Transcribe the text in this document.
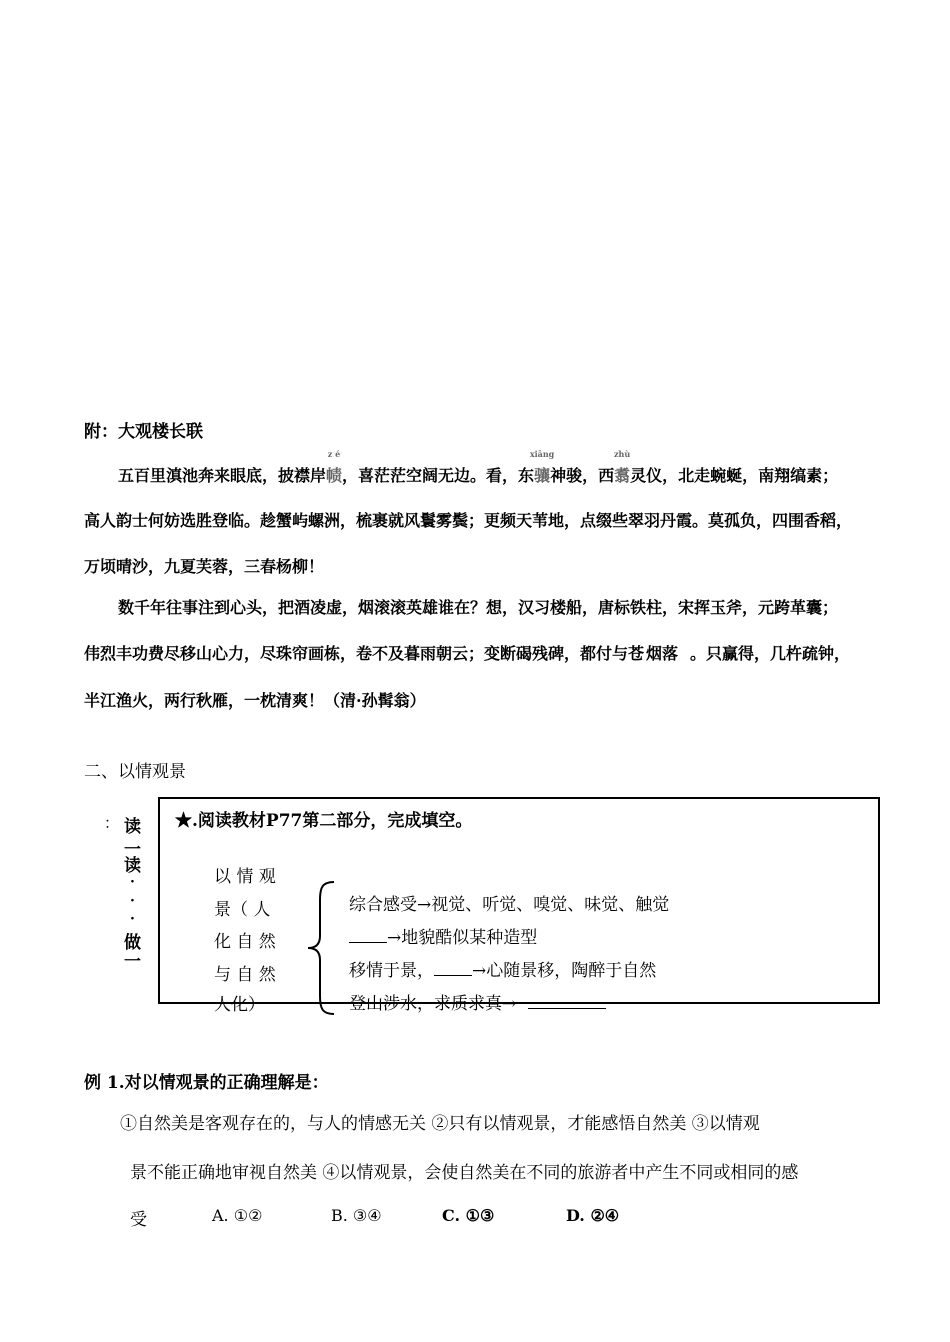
附：大观楼长联
五百里滇池奔来眼底，披襟岸
z é
帻，喜茫茫空阔无边。看，东
xiāng
骧神骏，西
zhù
翥灵仪，北走蜿蜒，南翔缟素；
高人韵士何妨选胜登临。趁蟹屿螺洲，梳裹就风鬟雾鬓；更频天苇地，点缀些翠羽丹霞。莫孤负，四围香稻，
万顷晴沙，九夏芙蓉，三春杨柳！
数千年往事注到心头，把酒凌虚，烟滚滚英雄谁在？想，汉习楼船，唐标铁柱，宋挥玉斧，元跨革囊；
伟烈丰功费尽移山心力，尽珠帘画栋，卷不及暮雨朝云；变断碣残碑，都付与苍 烟落 。只赢得，几杵疏钟，
半江渔火，两行秋雁，一枕清爽！（清·孙髯翁）
二、以情观景
： 读
一
读
·
·
·
做
一
★.阅读教材P77第二部分，完成填空。
以 情 观
景（ 人
化 自 然
与 自 然
人化）
综合感受→视觉、听觉、嗅觉、味觉、触觉
→地貌酷似某种造型
移情于景， →心随景移，陶醉于自然
登山涉水，求质求真→
例 1.对以情观景的正确理解是：
①自然美是客观存在的，与人的情感无关 ②只有以情观景，才能感悟自然美 ③以情观
景不能正确地审视自然美 ④以情观景，会使自然美在不同的旅游者中产生不同或相同的感
受	A. ①②	B. ③④	C. ①③	D. ②④
